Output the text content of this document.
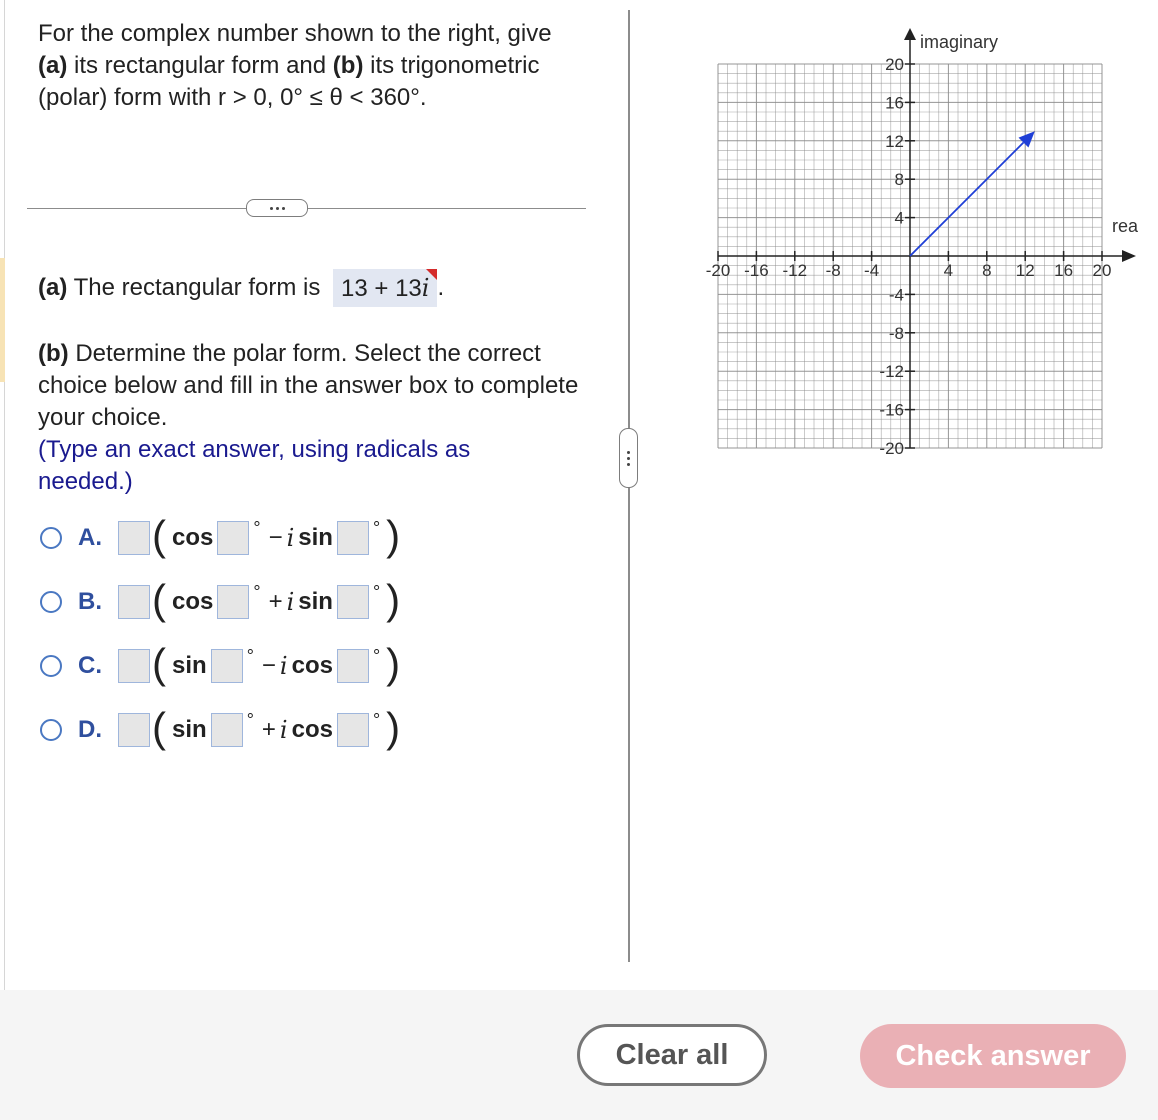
For the complex number shown to the right, give (a) its rectangular form and (b) its trigonometric (polar) form with r > 0, 0° ≤ θ < 360°.

(a) The rectangular form is 13 + 13i .
(b) Determine the polar form. Select the correct choice below and fill in the answer box to complete your choice.
(Type an exact answer, using radicals as needed.)
A. ( cos ° − i sin ° )
B. ( cos ° + i sin ° )
C. ( sin ° − i cos ° )
D. ( sin ° + i cos ° )
-20 -16 -12 -8 -4	4 8 12 16 20
20
16
12
8
4
-4
-8
-12
-16
-20
imaginary
rea
Clear all	Check answer
